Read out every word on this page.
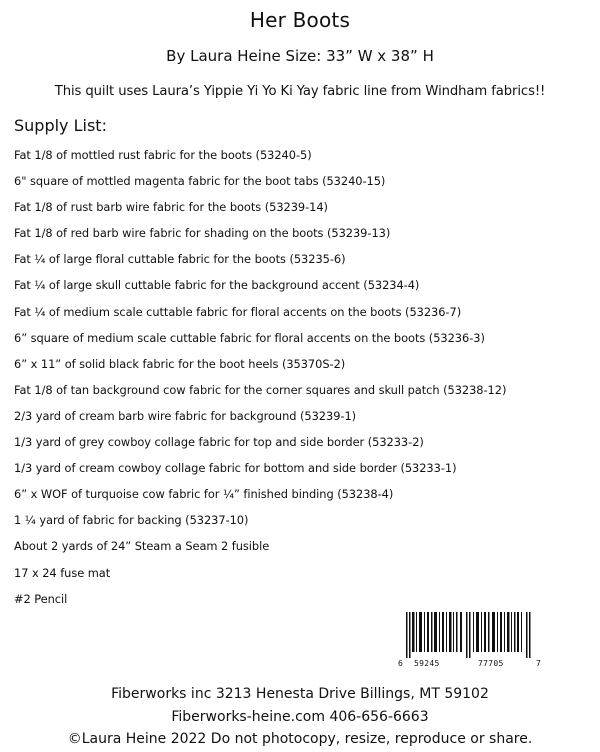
Her Boots
By Laura Heine Size: 33” W x 38” H
This quilt uses Laura’s Yippie Yi Yo Ki Yay fabric line from Windham fabrics!!
Supply List:
Fat 1/8 of mottled rust fabric for the boots (53240-5)
6" square of mottled magenta fabric for the boot tabs (53240-15)
Fat 1/8 of rust barb wire fabric for the boots (53239-14)
Fat 1/8 of red barb wire fabric for shading on the boots (53239-13)
Fat ¼ of large floral cuttable fabric for the boots (53235-6)
Fat ¼ of large skull cuttable fabric for the background accent (53234-4)
Fat ¼ of medium scale cuttable fabric for floral accents on the boots (53236-7)
6” square of medium scale cuttable fabric for floral accents on the boots (53236-3)
6” x 11” of solid black fabric for the boot heels (35370S-2)
Fat 1/8 of tan background cow fabric for the corner squares and skull patch (53238-12)
2/3 yard of cream barb wire fabric for background (53239-1)
1/3 yard of grey cowboy collage fabric for top and side border (53233-2)
1/3 yard of cream cowboy collage fabric for bottom and side border (53233-1)
6” x WOF of turquoise cow fabric for ¼” finished binding (53238-4)
1 ¼ yard of fabric for backing (53237-10)
About 2 yards of 24” Steam a Seam 2 fusible
17 x 24 fuse mat
#2 Pencil
6 59245	77705	7
Fiberworks inc 3213 Henesta Drive Billings, MT 59102
Fiberworks-heine.com 406-656-6663
©Laura Heine 2022 Do not photocopy, resize, reproduce or share.
